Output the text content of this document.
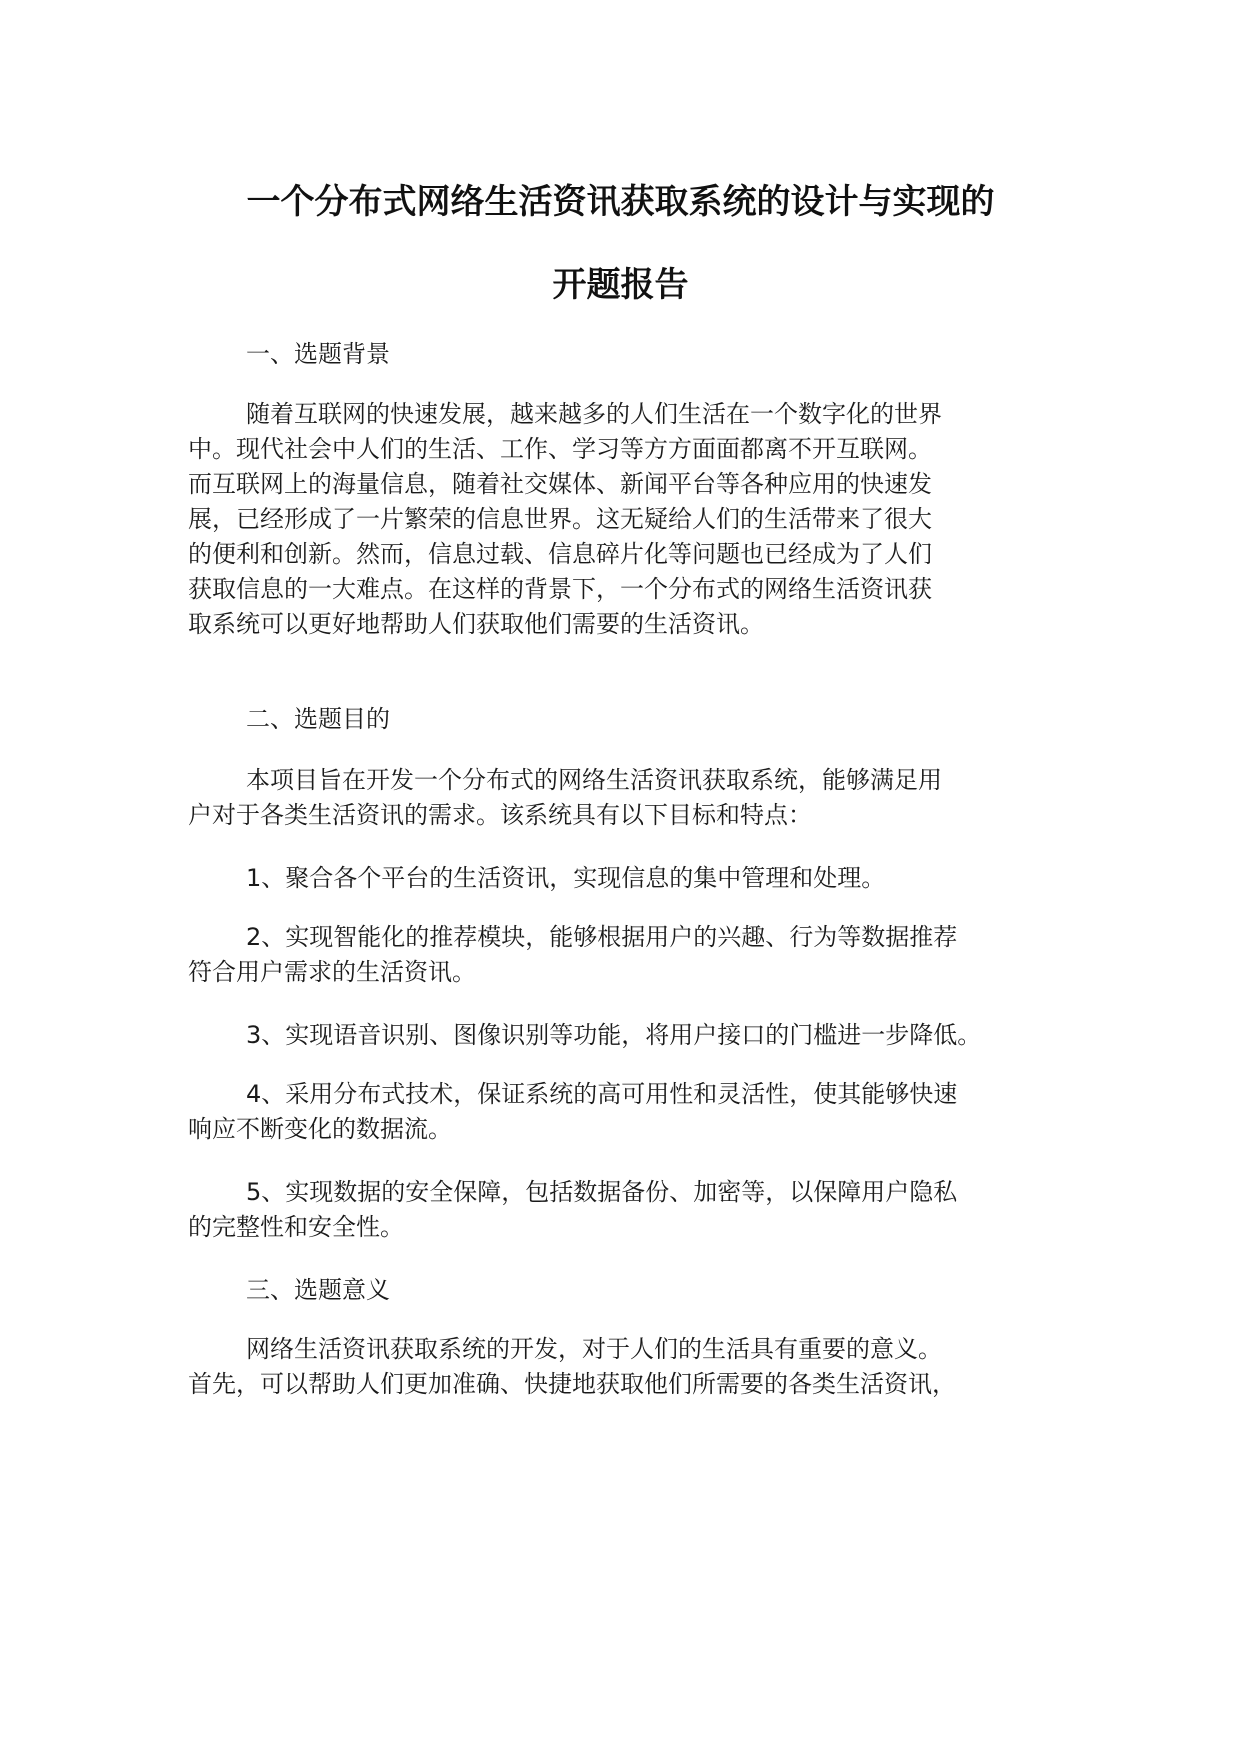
一个分布式网络生活资讯获取系统的设计与实现的
开题报告
一、选题背景
随着互联网的快速发展，越来越多的人们生活在一个数字化的世界
中。现代社会中人们的生活、工作、学习等方方面面都离不开互联网。
而互联网上的海量信息，随着社交媒体、新闻平台等各种应用的快速发
展，已经形成了一片繁荣的信息世界。这无疑给人们的生活带来了很大
的便利和创新。然而，信息过载、信息碎片化等问题也已经成为了人们
获取信息的一大难点。在这样的背景下，一个分布式的网络生活资讯获
取系统可以更好地帮助人们获取他们需要的生活资讯。
二、选题目的
本项目旨在开发一个分布式的网络生活资讯获取系统，能够满足用
户对于各类生活资讯的需求。该系统具有以下目标和特点：
1、聚合各个平台的生活资讯，实现信息的集中管理和处理。
2、实现智能化的推荐模块，能够根据用户的兴趣、行为等数据推荐
符合用户需求的生活资讯。
3、实现语音识别、图像识别等功能，将用户接口的门槛进一步降低。
4、采用分布式技术，保证系统的高可用性和灵活性，使其能够快速
响应不断变化的数据流。
5、实现数据的安全保障，包括数据备份、加密等，以保障用户隐私
的完整性和安全性。
三、选题意义
网络生活资讯获取系统的开发，对于人们的生活具有重要的意义。
首先，可以帮助人们更加准确、快捷地获取他们所需要的各类生活资讯，
